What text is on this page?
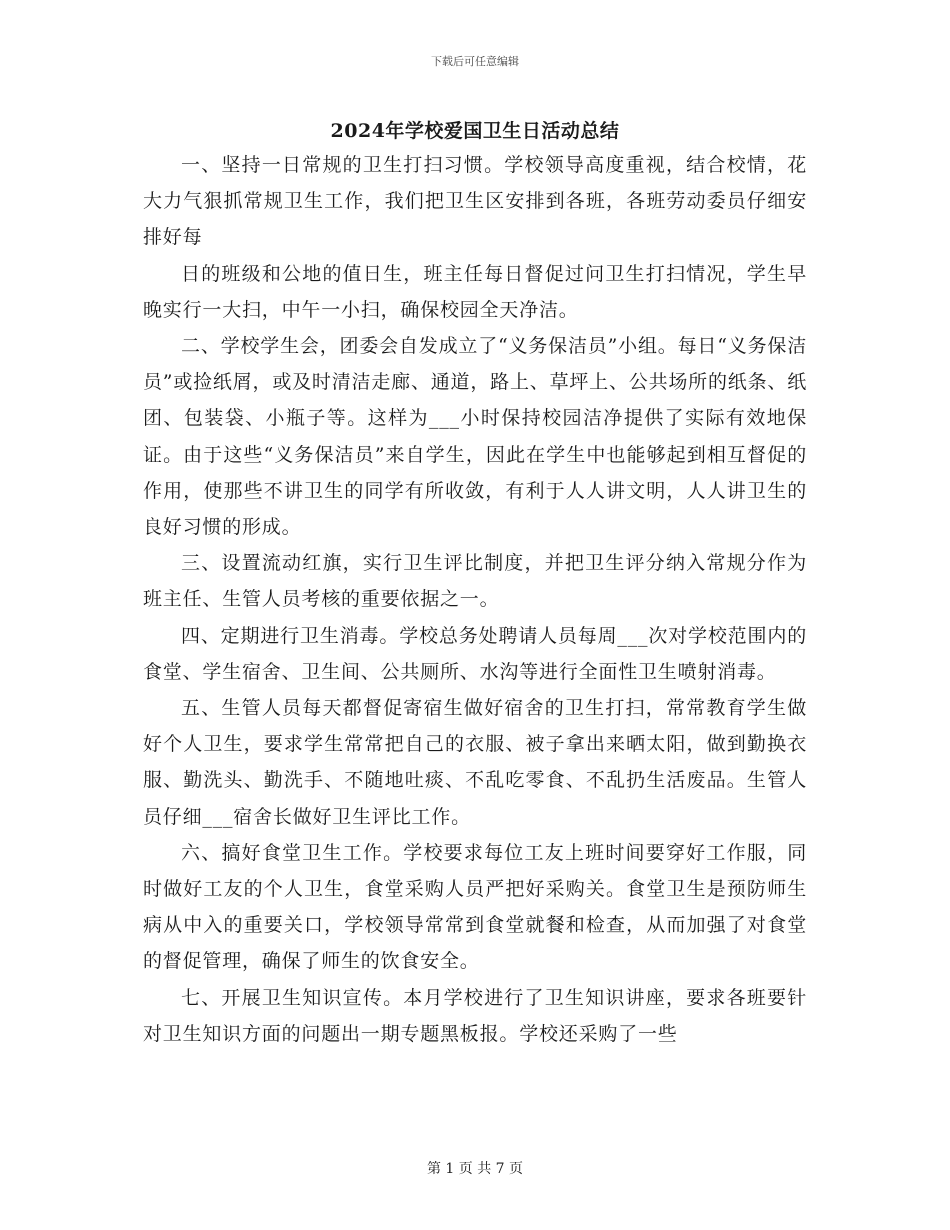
下载后可任意编辑
2024年学校爱国卫生日活动总结

一、坚持一日常规的卫生打扫习惯。学校领导高度重视，结合校情，花大力气狠抓常规卫生工作，我们把卫生区安排到各班，各班劳动委员仔细安排好每

日的班级和公地的值日生，班主任每日督促过问卫生打扫情况，学生早晚实行一大扫，中午一小扫，确保校园全天净洁。

二、学校学生会，团委会自发成立了“义务保洁员”小组。每日“义务保洁员”或捡纸屑，或及时清洁走廊、通道，路上、草坪上、公共场所的纸条、纸团、包装袋、小瓶子等。这样为___小时保持校园洁净提供了实际有效地保证。由于这些“义务保洁员”来自学生，因此在学生中也能够起到相互督促的作用，使那些不讲卫生的同学有所收敛，有利于人人讲文明，人人讲卫生的良好习惯的形成。

三、设置流动红旗，实行卫生评比制度，并把卫生评分纳入常规分作为班主任、生管人员考核的重要依据之一。

四、定期进行卫生消毒。学校总务处聘请人员每周___次对学校范围内的食堂、学生宿舍、卫生间、公共厕所、水沟等进行全面性卫生喷射消毒。

五、生管人员每天都督促寄宿生做好宿舍的卫生打扫，常常教育学生做好个人卫生，要求学生常常把自己的衣服、被子拿出来晒太阳，做到勤换衣服、勤洗头、勤洗手、不随地吐痰、不乱吃零食、不乱扔生活废品。生管人员仔细___宿舍长做好卫生评比工作。

六、搞好食堂卫生工作。学校要求每位工友上班时间要穿好工作服，同时做好工友的个人卫生，食堂采购人员严把好采购关。食堂卫生是预防师生病从中入的重要关口，学校领导常常到食堂就餐和检查，从而加强了对食堂的督促管理，确保了师生的饮食安全。

七、开展卫生知识宣传。本月学校进行了卫生知识讲座，要求各班要针对卫生知识方面的问题出一期专题黑板报。学校还采购了一些

第 1 页 共 7 页
